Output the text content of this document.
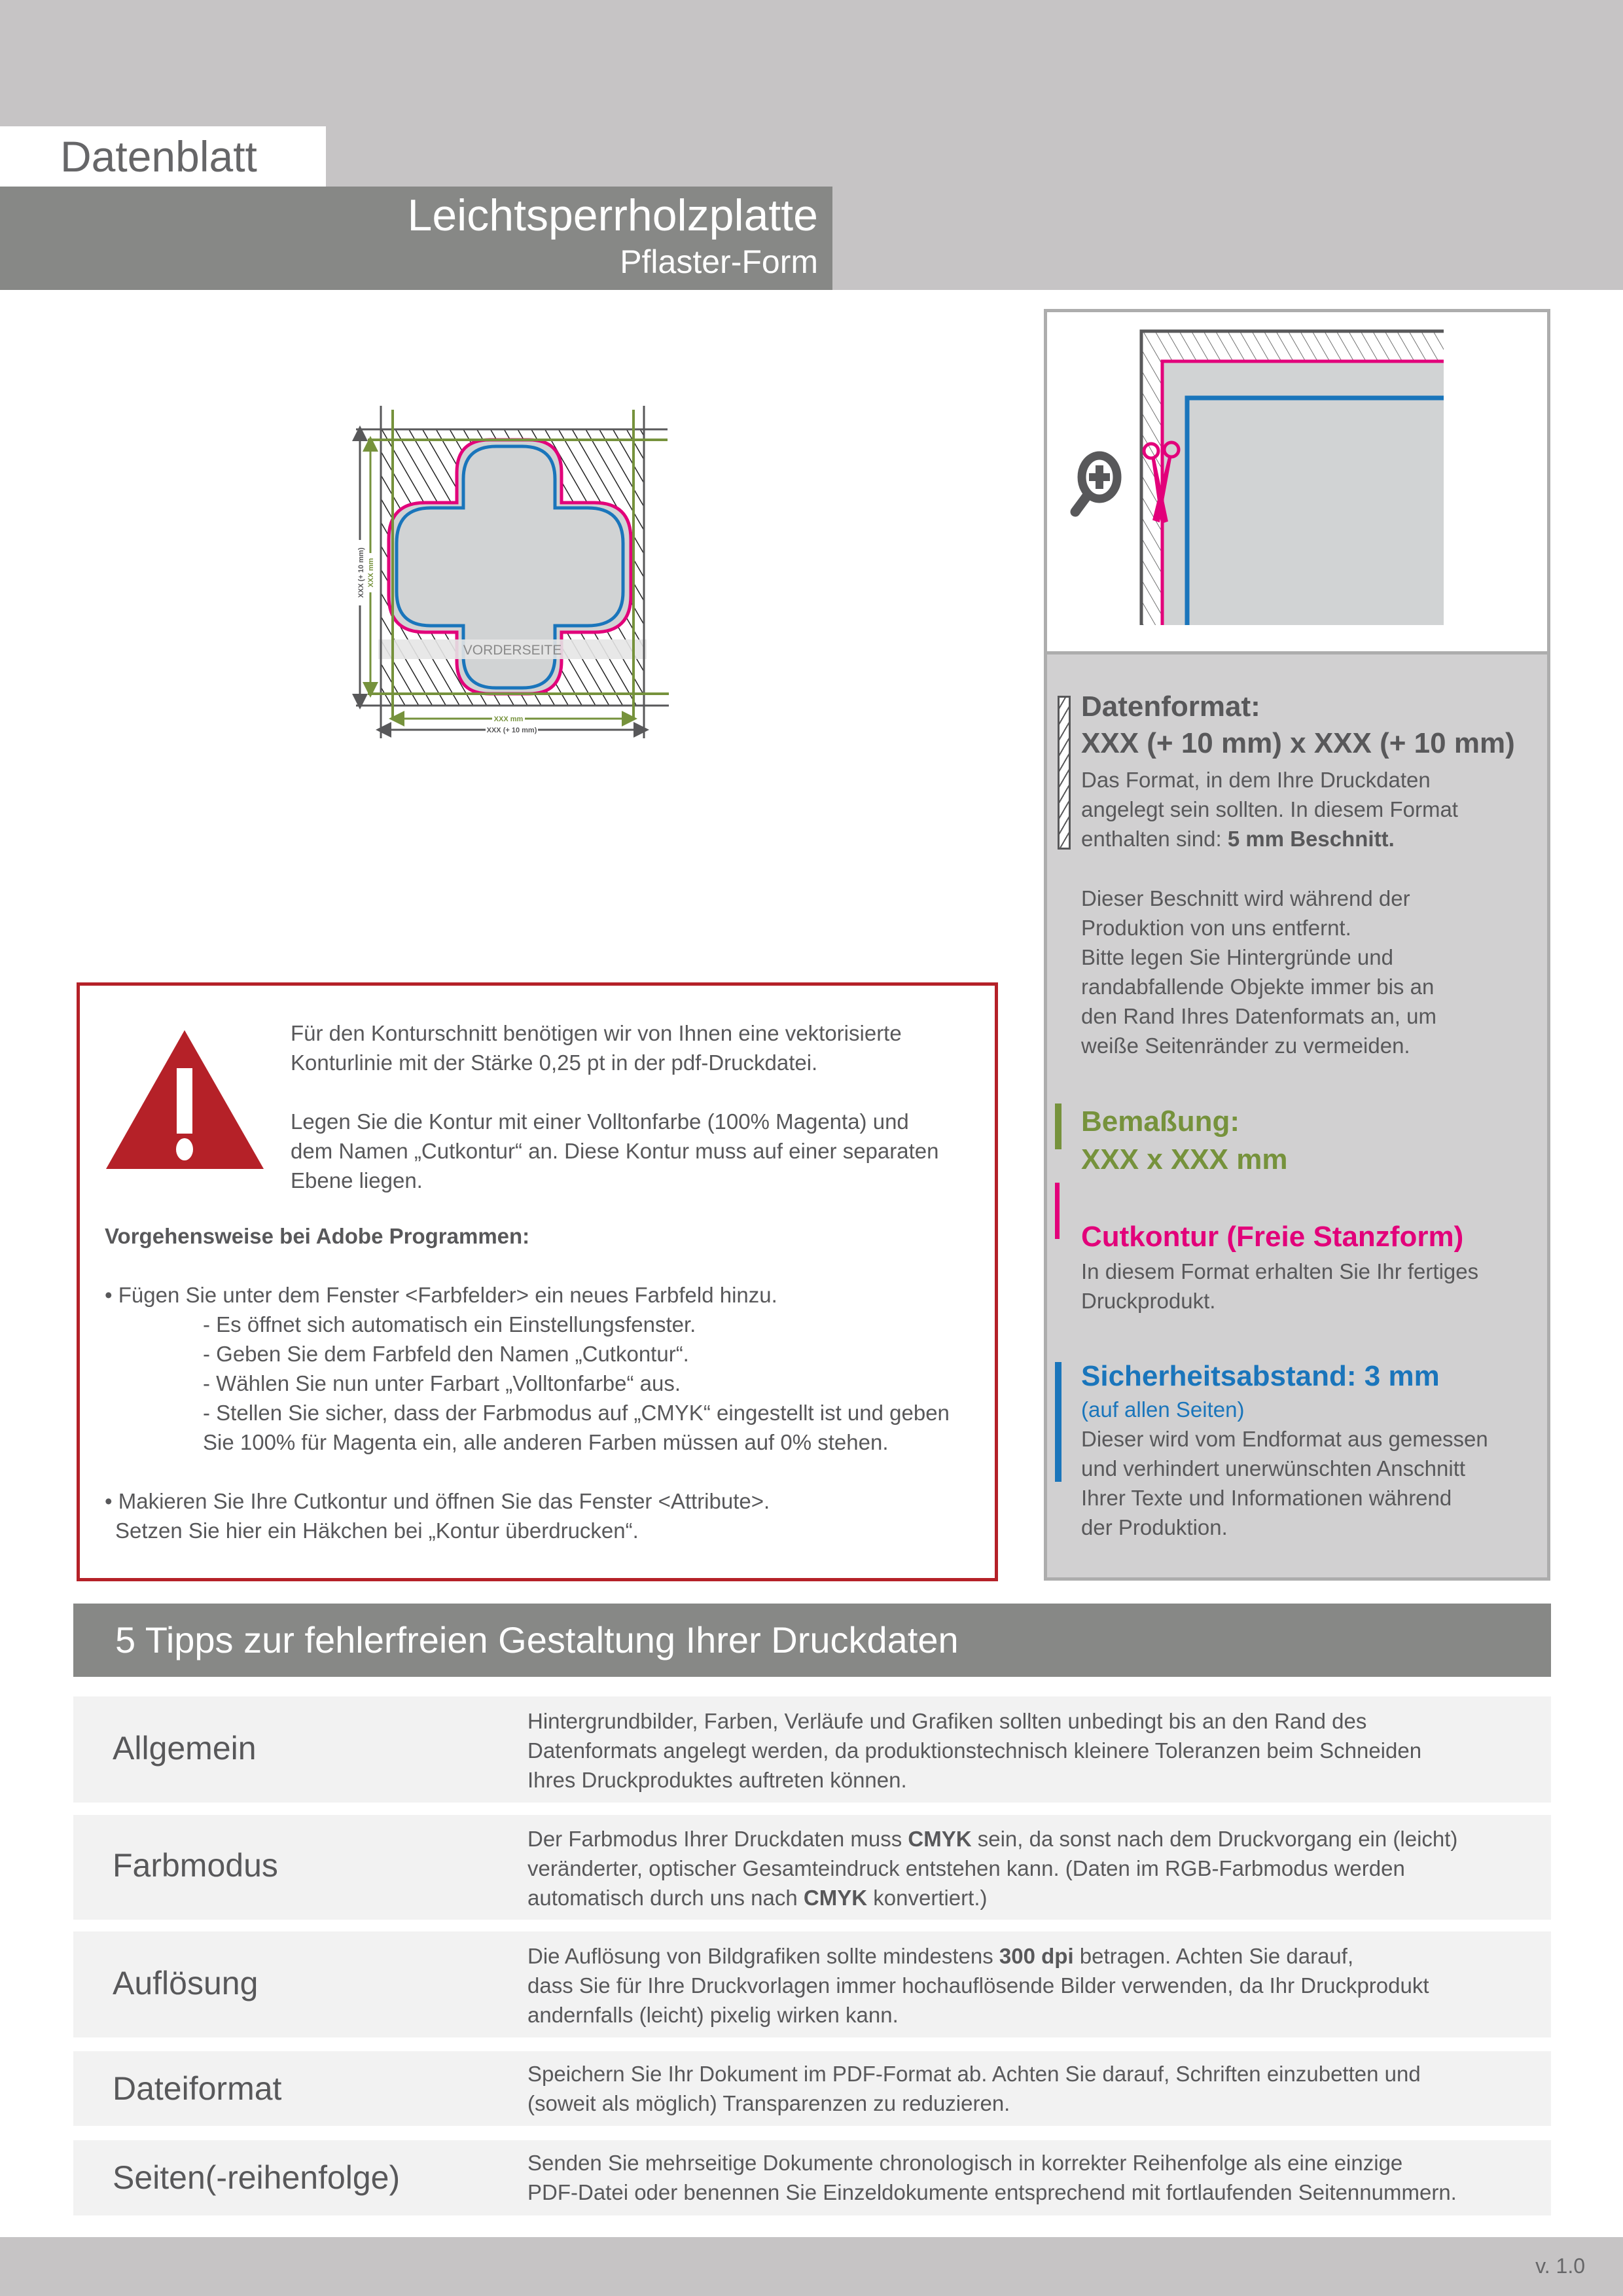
Datenblatt
Leichtsperrholzplatte
Pflaster-Form
VORDERSEITE
XXX (+ 10 mm) XXX mm
XXX mm
XXX (+ 10 mm)
Datenformat:
XXX (+ 10 mm) x XXX (+ 10 mm)
Das Format, in dem Ihre Druckdaten
angelegt sein sollten. In diesem Format
enthalten sind: 5 mm Beschnitt.
Dieser Beschnitt wird während der
Produktion von uns entfernt.
Bitte legen Sie Hintergründe und
randabfallende Objekte immer bis an
den Rand Ihres Datenformats an, um
weiße Seitenränder zu vermeiden.
Bemaßung:
XXX x XXX mm
Cutkontur (Freie Stanzform)
In diesem Format erhalten Sie Ihr fertiges
Druckprodukt.
Sicherheitsabstand: 3 mm
(auf allen Seiten)
Dieser wird vom Endformat aus gemessen
und verhindert unerwünschten Anschnitt
Ihrer Texte und Informationen während
der Produktion.
Für den Konturschnitt benötigen wir von Ihnen eine vektorisierte
Konturlinie mit der Stärke 0,25 pt in der pdf-Druckdatei.
Legen Sie die Kontur mit einer Volltonfarbe (100% Magenta) und
dem Namen „Cutkontur“ an. Diese Kontur muss auf einer separaten
Ebene liegen.
Vorgehensweise bei Adobe Programmen:
• Fügen Sie unter dem Fenster <Farbfelder> ein neues Farbfeld hinzu.
- Es öffnet sich automatisch ein Einstellungsfenster.
- Geben Sie dem Farbfeld den Namen „Cutkontur“.
- Wählen Sie nun unter Farbart „Volltonfarbe“ aus.
- Stellen Sie sicher, dass der Farbmodus auf „CMYK“ eingestellt ist und geben
Sie 100% für Magenta ein, alle anderen Farben müssen auf 0% stehen.
• Makieren Sie Ihre Cutkontur und öffnen Sie das Fenster <Attribute>.
Setzen Sie hier ein Häkchen bei „Kontur überdrucken“.
5 Tipps zur fehlerfreien Gestaltung Ihrer Druckdaten
Allgemein
Hintergrundbilder, Farben, Verläufe und Grafiken sollten unbedingt bis an den Rand des
Datenformats angelegt werden, da produktionstechnisch kleinere Toleranzen beim Schneiden
Ihres Druckproduktes auftreten können.
Farbmodus
Der Farbmodus Ihrer Druckdaten muss CMYK sein, da sonst nach dem Druckvorgang ein (leicht)
veränderter, optischer Gesamteindruck entstehen kann. (Daten im RGB-Farbmodus werden
automatisch durch uns nach CMYK konvertiert.)
Auflösung
Die Auflösung von Bildgrafiken sollte mindestens 300 dpi betragen. Achten Sie darauf,
dass Sie für Ihre Druckvorlagen immer hochauflösende Bilder verwenden, da Ihr Druckprodukt
andernfalls (leicht) pixelig wirken kann.
Dateiformat	Speichern Sie Ihr Dokument im PDF-Format ab. Achten Sie darauf, Schriften einzubetten und
(soweit als möglich) Transparenzen zu reduzieren.
Seiten(-reihenfolge)	Senden Sie mehrseitige Dokumente chronologisch in korrekter Reihenfolge als eine einzige
PDF-Datei oder benennen Sie Einzeldokumente entsprechend mit fortlaufenden Seitennummern.
v. 1.0
